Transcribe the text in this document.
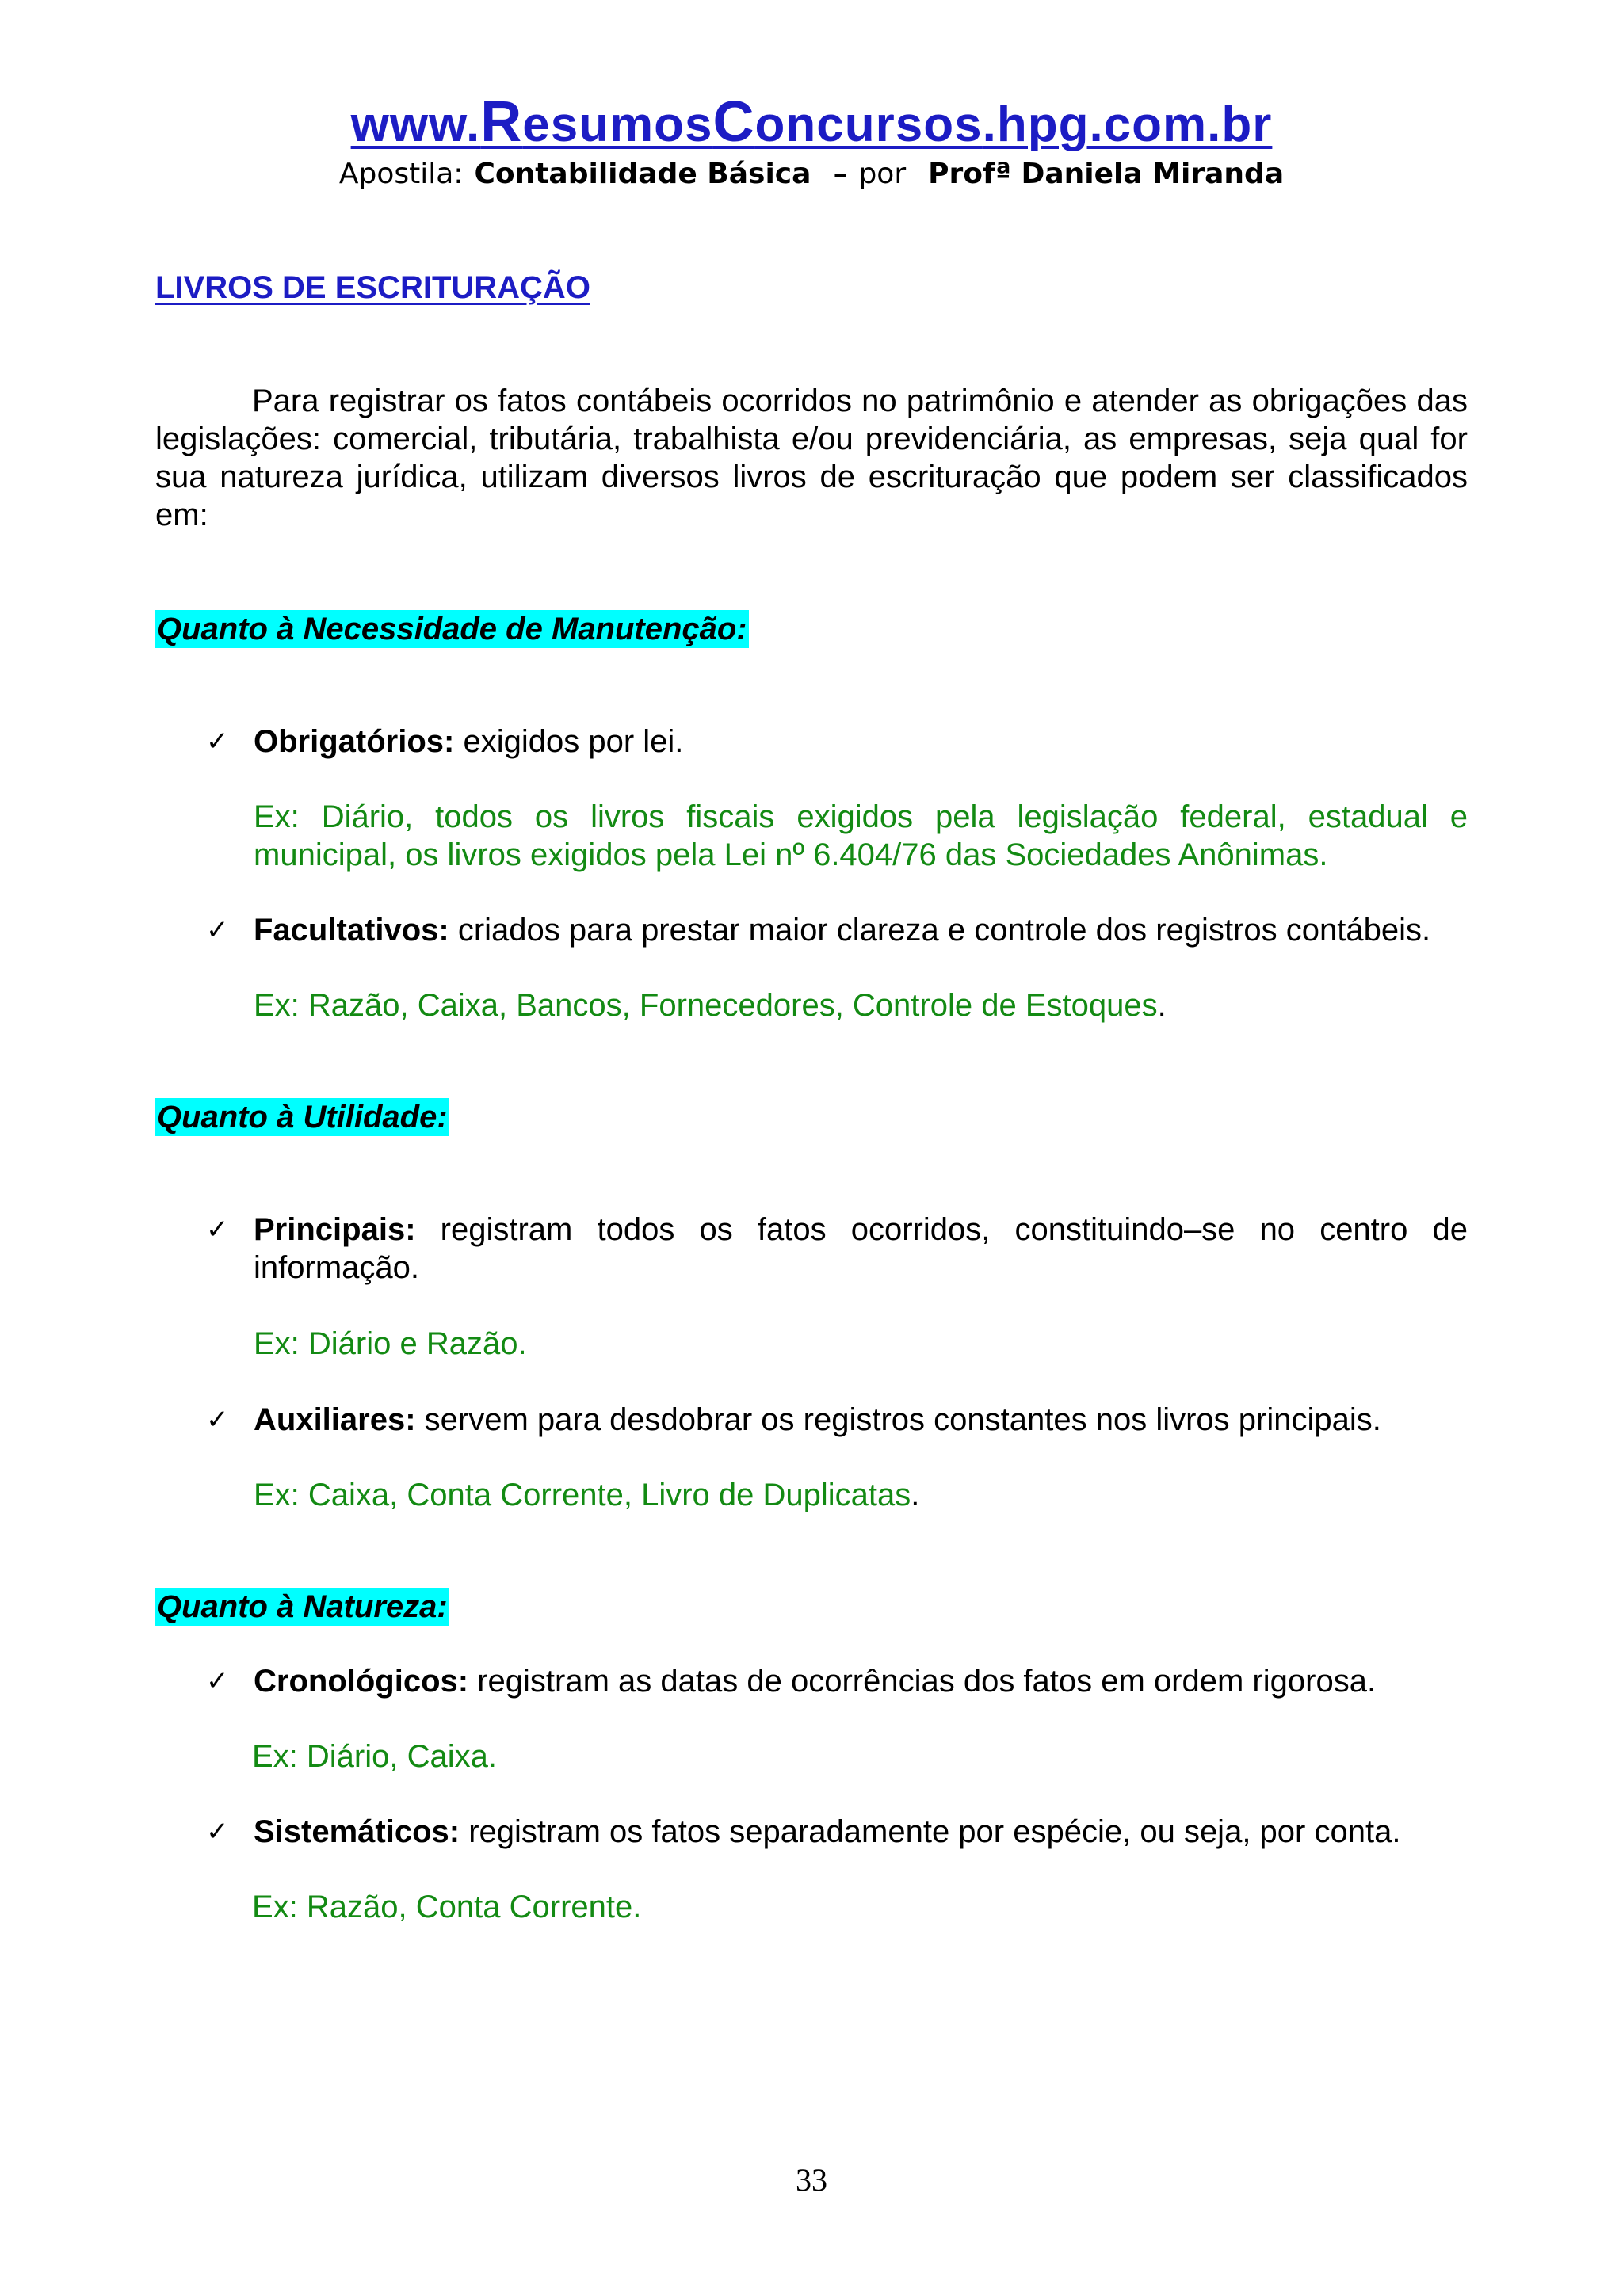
www.ResumosConcursos.hpg.com.br
Apostila: Contabilidade Básica – por Profª Daniela Miranda
LIVROS DE ESCRITURAÇÃO

Para registrar os fatos contábeis ocorridos no patrimônio e atender as obrigações das legislações: comercial, tributária, trabalhista e/ou previdenciária, as empresas, seja qual for sua natureza jurídica, utilizam diversos livros de escrituração que podem ser classificados em:

Quanto à Necessidade de Manutenção:
✓ Obrigatórios: exigidos por lei.
Ex: Diário, todos os livros fiscais exigidos pela legislação federal, estadual e municipal, os livros exigidos pela Lei nº 6.404/76 das Sociedades Anônimas.
✓ Facultativos: criados para prestar maior clareza e controle dos registros contábeis.
Ex: Razão, Caixa, Bancos, Fornecedores, Controle de Estoques.
Quanto à Utilidade:
✓ Principais: registram todos os fatos ocorridos, constituindo–se no centro de informação.
Ex: Diário e Razão.
✓ Auxiliares: servem para desdobrar os registros constantes nos livros principais.
Ex: Caixa, Conta Corrente, Livro de Duplicatas.
Quanto à Natureza:
✓ Cronológicos: registram as datas de ocorrências dos fatos em ordem rigorosa.
Ex: Diário, Caixa.
✓ Sistemáticos: registram os fatos separadamente por espécie, ou seja, por conta.
Ex: Razão, Conta Corrente.
33
